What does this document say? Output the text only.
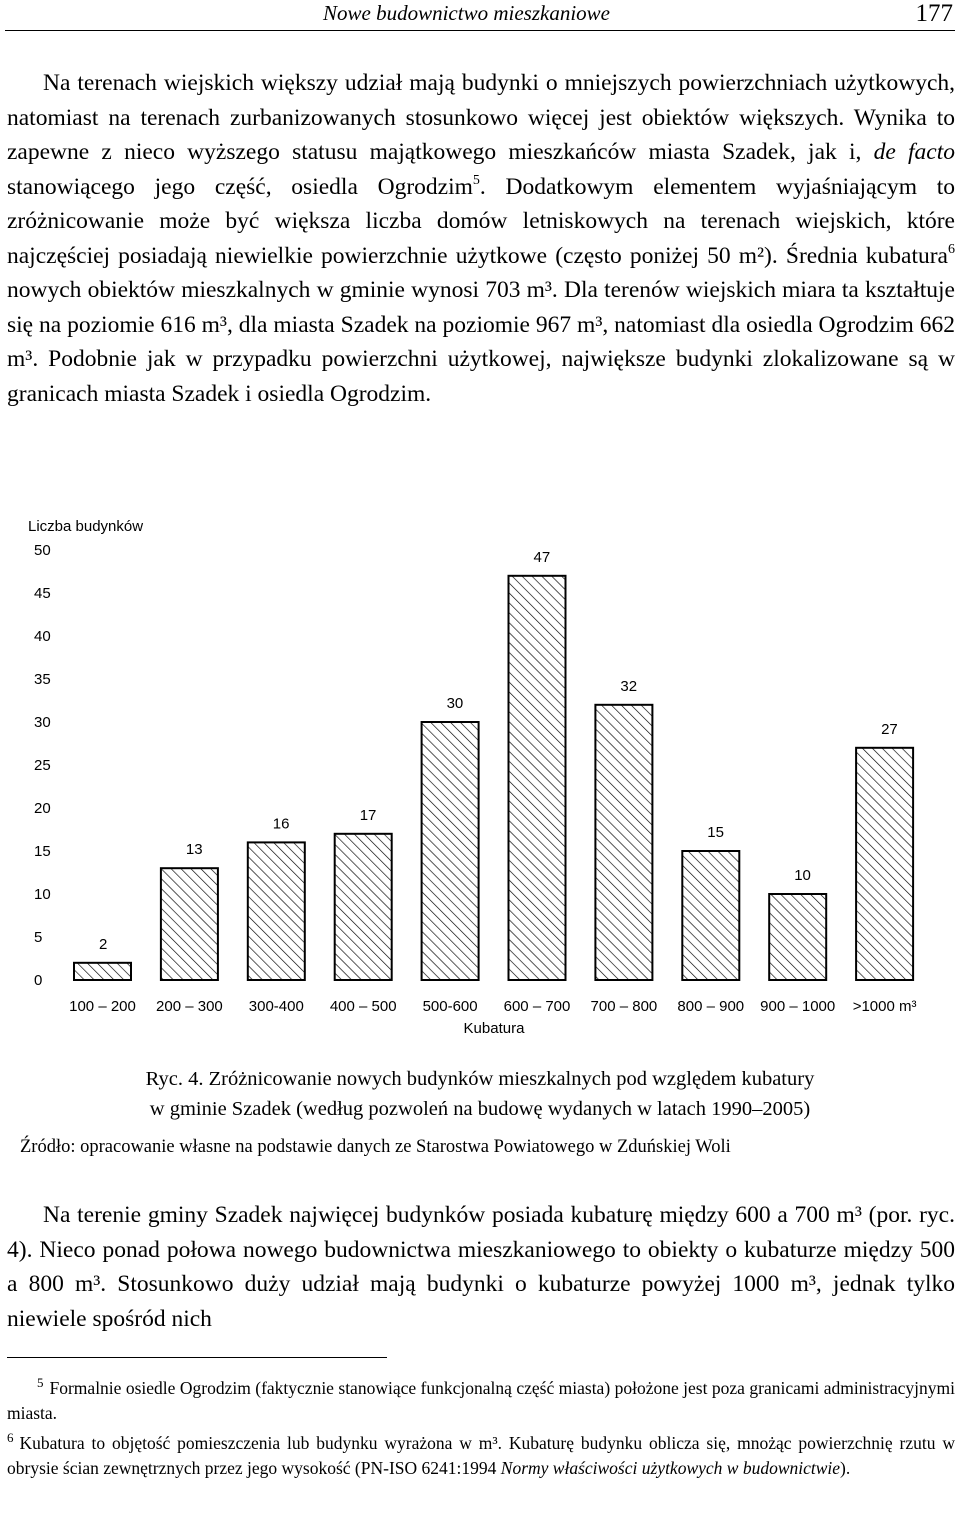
Nowe budownictwo mieszkaniowe	177

Na terenach wiejskich większy udział mają budynki o mniejszych powierzchniach użytkowych, natomiast na terenach zurbanizowanych stosunkowo więcej jest obiektów większych. Wynika to zapewne z nieco wyższego statusu majątkowego mieszkańców miasta Szadek, jak i, de facto stanowiącego jego część, osiedla Ogrodzim$^5$. Dodatkowym elementem wyjaśniającym to zróżnicowanie może być większa liczba domów letniskowych na terenach wiejskich, które najczęściej posiadają niewielkie powierzchnie użytkowe (często poniżej 50 m²). Średnia kubatura$^6$ nowych obiektów mieszkalnych w gminie wynosi 703 m³. Dla terenów wiejskich miara ta kształtuje się na poziomie 616 m³, dla miasta Szadek na poziomie 967 m³, natomiast dla osiedla Ogrodzim 662 m³. Podobnie jak w przypadku powierzchni użytkowej, największe budynki zlokalizowane są w granicach miasta Szadek i osiedla Ogrodzim.

Liczba budynków
0
5
10
15
20
25
30
35
40
45
50
2
13
16
17
30
47
32
15
10
27
100 – 200 200 – 300 300-400 400 – 500 500-600 600 – 700 700 – 800 800 – 900 900 – 1000 >1000 m³
Kubatura
Ryc. 4. Zróżnicowanie nowych budynków mieszkalnych pod względem kubatury
w gminie Szadek (według pozwoleń na budowę wydanych w latach 1990–2005)
Źródło: opracowanie własne na podstawie danych ze Starostwa Powiatowego w Zduńskiej Woli

Na terenie gminy Szadek najwięcej budynków posiada kubaturę między 600 a 700 m³ (por. ryc. 4). Nieco ponad połowa nowego budownictwa mieszkaniowego to obiekty o kubaturze między 500 a 800 m³. Stosunkowo duży udział mają budynki o kubaturze powyżej 1000 m³, jednak tylko niewiele spośród nich

$^5$ Formalnie osiedle Ogrodzim (faktycznie stanowiące funkcjonalną część miasta) położone jest poza granicami administracyjnymi miasta.

$^6$ Kubatura to objętość pomieszczenia lub budynku wyrażona w m³. Kubaturę budynku oblicza się, mnożąc powierzchnię rzutu w obrysie ścian zewnętrznych przez jego wysokość (PN-ISO 6241:1994 Normy właściwości użytkowych w budownictwie).
